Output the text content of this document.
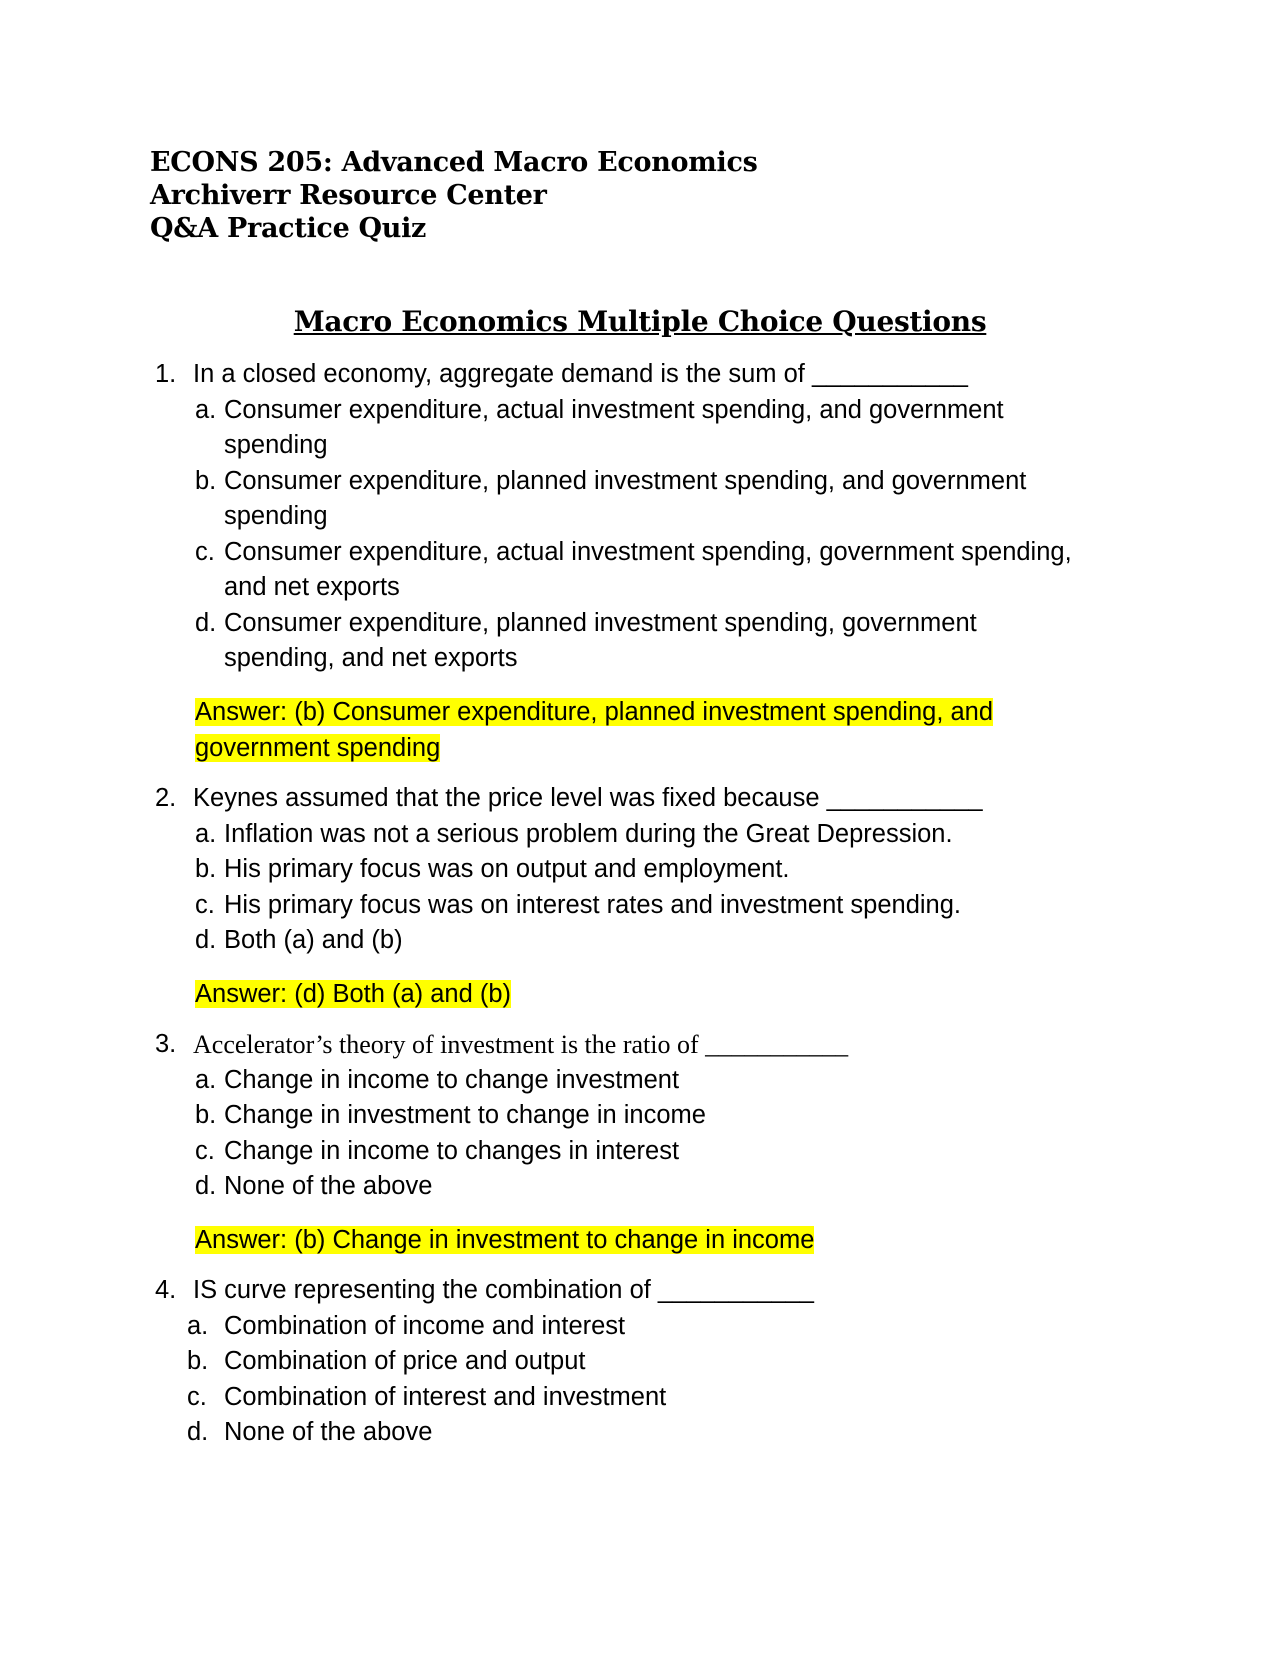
ECONS 205: Advanced Macro Economics
Archiverr Resource Center
Q&A Practice Quiz
Macro Economics Multiple Choice Questions
1. In a closed economy, aggregate demand is the sum of ___________
a. Consumer expenditure, actual investment spending, and government
spending
b. Consumer expenditure, planned investment spending, and government
spending
c. Consumer expenditure, actual investment spending, government spending,
and net exports
d. Consumer expenditure, planned investment spending, government
spending, and net exports
Answer: (b) Consumer expenditure, planned investment spending, and
government spending
2. Keynes assumed that the price level was fixed because ___________
a. Inflation was not a serious problem during the Great Depression.
b. His primary focus was on output and employment.
c. His primary focus was on interest rates and investment spending.
d. Both (a) and (b)
Answer: (d) Both (a) and (b)
3. Accelerator’s theory of investment is the ratio of ___________
a. Change in income to change investment
b. Change in investment to change in income
c. Change in income to changes in interest
d. None of the above
Answer: (b) Change in investment to change in income
4. IS curve representing the combination of ___________
a. Combination of income and interest
b. Combination of price and output
c. Combination of interest and investment
d. None of the above
